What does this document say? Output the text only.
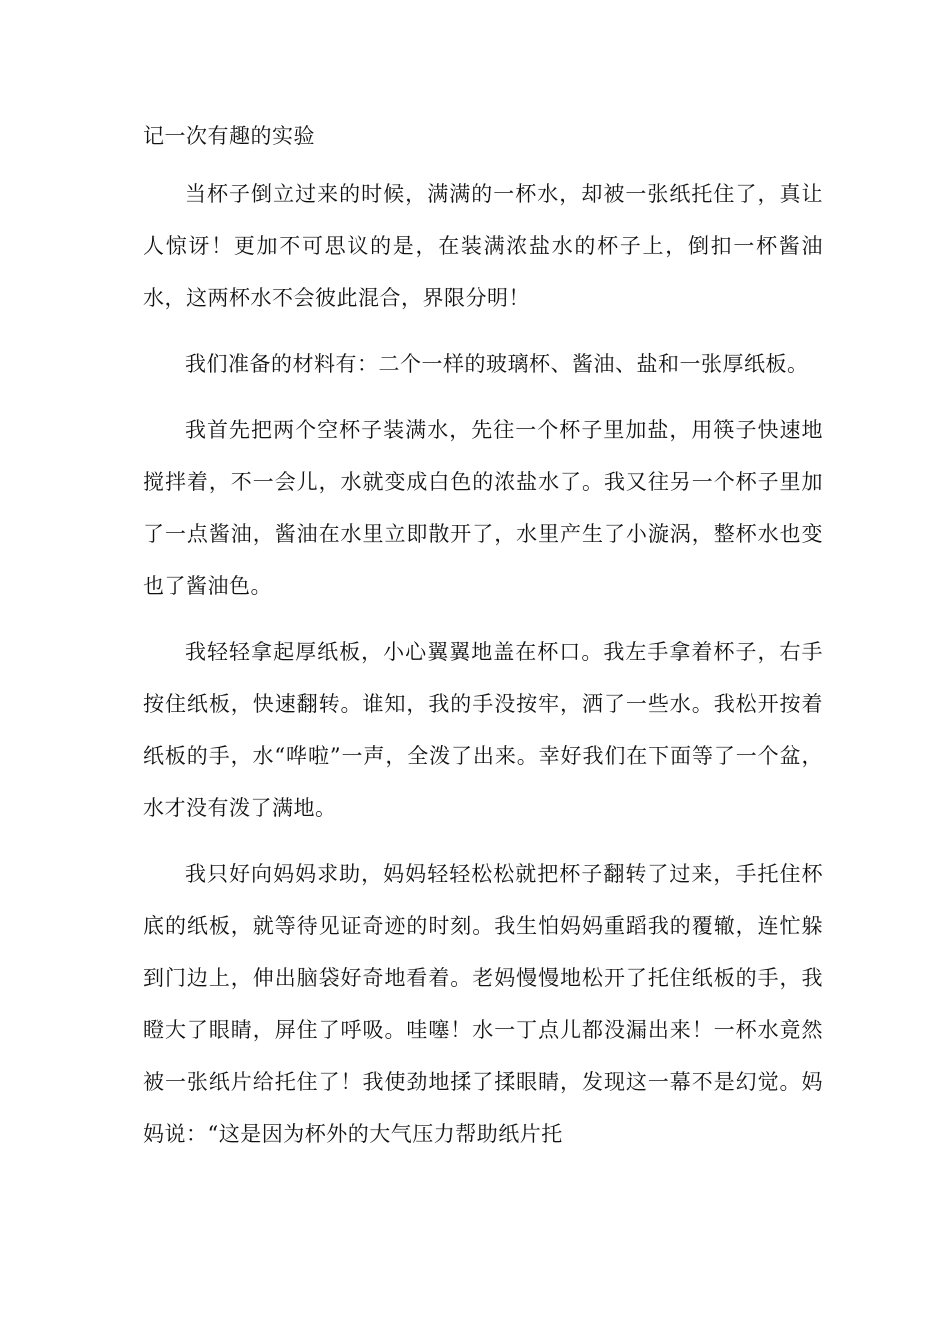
记一次有趣的实验

当杯子倒立过来的时候，满满的一杯水，却被一张纸托住了，真让人惊讶！更加不可思议的是，在装满浓盐水的杯子上，倒扣一杯酱油水，这两杯水不会彼此混合，界限分明！

我们准备的材料有：二个一样的玻璃杯、酱油、盐和一张厚纸板。

我首先把两个空杯子装满水，先往一个杯子里加盐，用筷子快速地搅拌着，不一会儿，水就变成白色的浓盐水了。我又往另一个杯子里加了一点酱油，酱油在水里立即散开了，水里产生了小漩涡，整杯水也变也了酱油色。

我轻轻拿起厚纸板，小心翼翼地盖在杯口。我左手拿着杯子，右手按住纸板，快速翻转。谁知，我的手没按牢，洒了一些水。我松开按着纸板的手，水“哗啦”一声，全泼了出来。幸好我们在下面等了一个盆，水才没有泼了满地。

我只好向妈妈求助，妈妈轻轻松松就把杯子翻转了过来，手托住杯底的纸板，就等待见证奇迹的时刻。我生怕妈妈重蹈我的覆辙，连忙躲到门边上，伸出脑袋好奇地看着。老妈慢慢地松开了托住纸板的手，我瞪大了眼睛，屏住了呼吸。哇噻！水一丁点儿都没漏出来！一杯水竟然被一张纸片给托住了！我使劲地揉了揉眼睛，发现这一幕不是幻觉。妈妈说：“这是因为杯外的大气压力帮助纸片托
